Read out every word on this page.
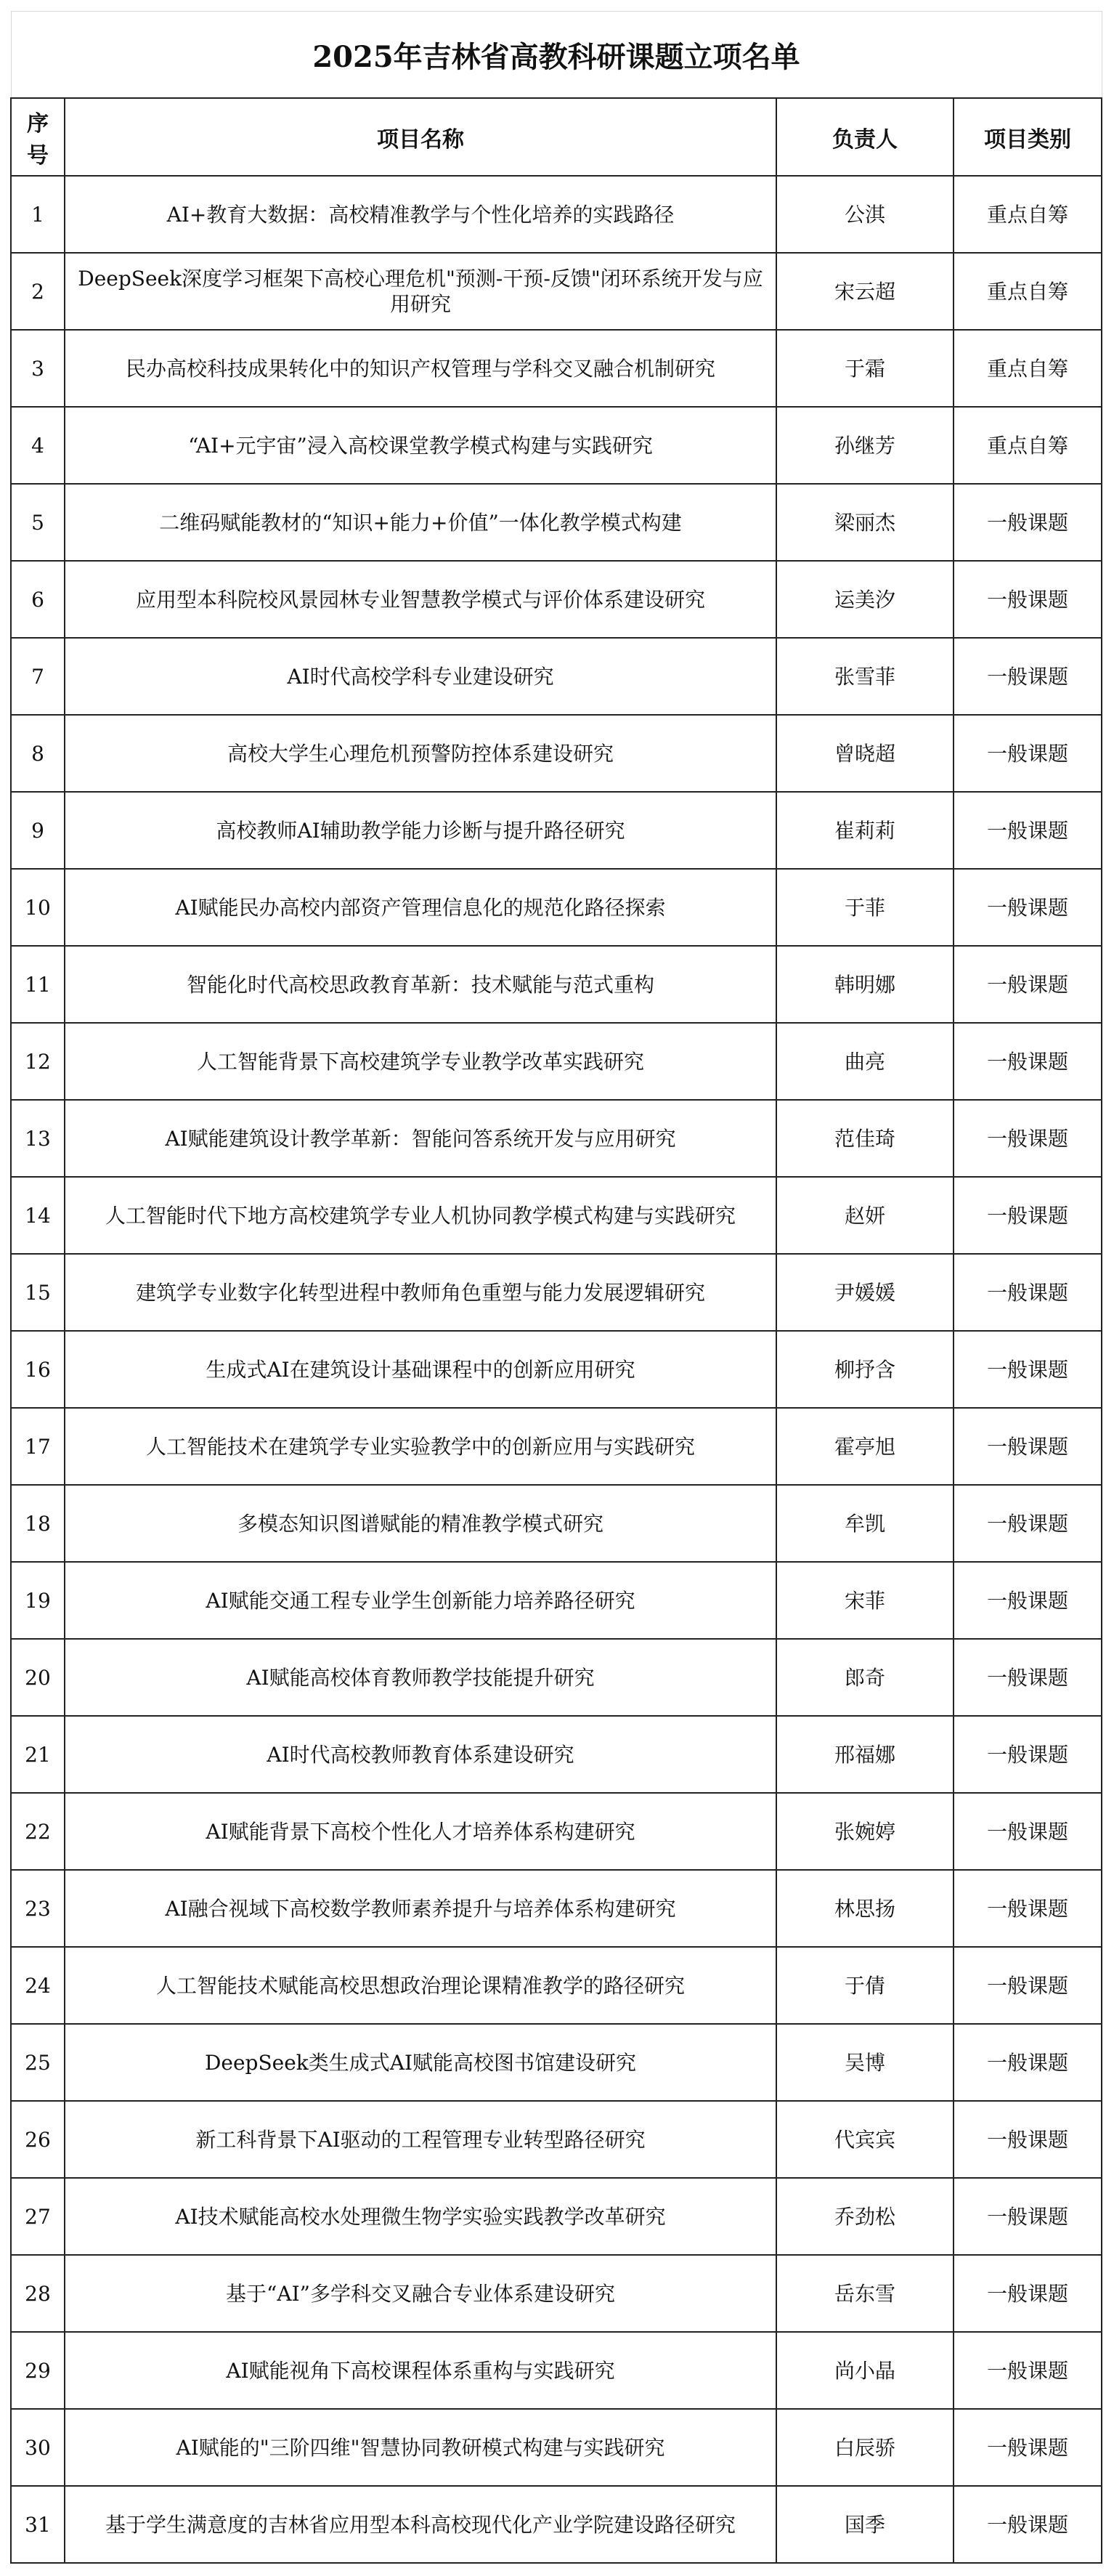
2025年吉林省高教科研课题立项名单			
序号	项目名称	负责人	项目类别
1	AI+教育大数据：高校精准教学与个性化培养的实践路径	公淇	重点自筹
2	DeepSeek深度学习框架下高校心理危机"预测-干预-反馈"闭环系统开发与应用研究	宋云超	重点自筹
3	民办高校科技成果转化中的知识产权管理与学科交叉融合机制研究	于霜	重点自筹
4	“AI+元宇宙”浸入高校课堂教学模式构建与实践研究	孙继芳	重点自筹
5	二维码赋能教材的“知识+能力+价值”一体化教学模式构建	梁丽杰	一般课题
6	应用型本科院校风景园林专业智慧教学模式与评价体系建设研究	运美汐	一般课题
7	AI时代高校学科专业建设研究	张雪菲	一般课题
8	高校大学生心理危机预警防控体系建设研究	曾晓超	一般课题
9	高校教师AI辅助教学能力诊断与提升路径研究	崔莉莉	一般课题
10	AI赋能民办高校内部资产管理信息化的规范化路径探索	于菲	一般课题
11	智能化时代高校思政教育革新：技术赋能与范式重构	韩明娜	一般课题
12	人工智能背景下高校建筑学专业教学改革实践研究	曲亮	一般课题
13	AI赋能建筑设计教学革新：智能问答系统开发与应用研究	范佳琦	一般课题
14	人工智能时代下地方高校建筑学专业人机协同教学模式构建与实践研究	赵妍	一般课题
15	建筑学专业数字化转型进程中教师角色重塑与能力发展逻辑研究	尹媛媛	一般课题
16	生成式AI在建筑设计基础课程中的创新应用研究	柳抒含	一般课题
17	人工智能技术在建筑学专业实验教学中的创新应用与实践研究	霍亭旭	一般课题
18	多模态知识图谱赋能的精准教学模式研究	牟凯	一般课题
19	AI赋能交通工程专业学生创新能力培养路径研究	宋菲	一般课题
20	AI赋能高校体育教师教学技能提升研究	郎奇	一般课题
21	AI时代高校教师教育体系建设研究	邢福娜	一般课题
22	AI赋能背景下高校个性化人才培养体系构建研究	张婉婷	一般课题
23	AI融合视域下高校数学教师素养提升与培养体系构建研究	林思扬	一般课题
24	人工智能技术赋能高校思想政治理论课精准教学的路径研究	于倩	一般课题
25	DeepSeek类生成式AI赋能高校图书馆建设研究	吴博	一般课题
26	新工科背景下AI驱动的工程管理专业转型路径研究	代宾宾	一般课题
27	AI技术赋能高校水处理微生物学实验实践教学改革研究	乔劲松	一般课题
28	基于“AI”多学科交叉融合专业体系建设研究	岳东雪	一般课题
29	AI赋能视角下高校课程体系重构与实践研究	尚小晶	一般课题
30	AI赋能的"三阶四维"智慧协同教研模式构建与实践研究	白辰骄	一般课题
31	基于学生满意度的吉林省应用型本科高校现代化产业学院建设路径研究	国季	一般课题
